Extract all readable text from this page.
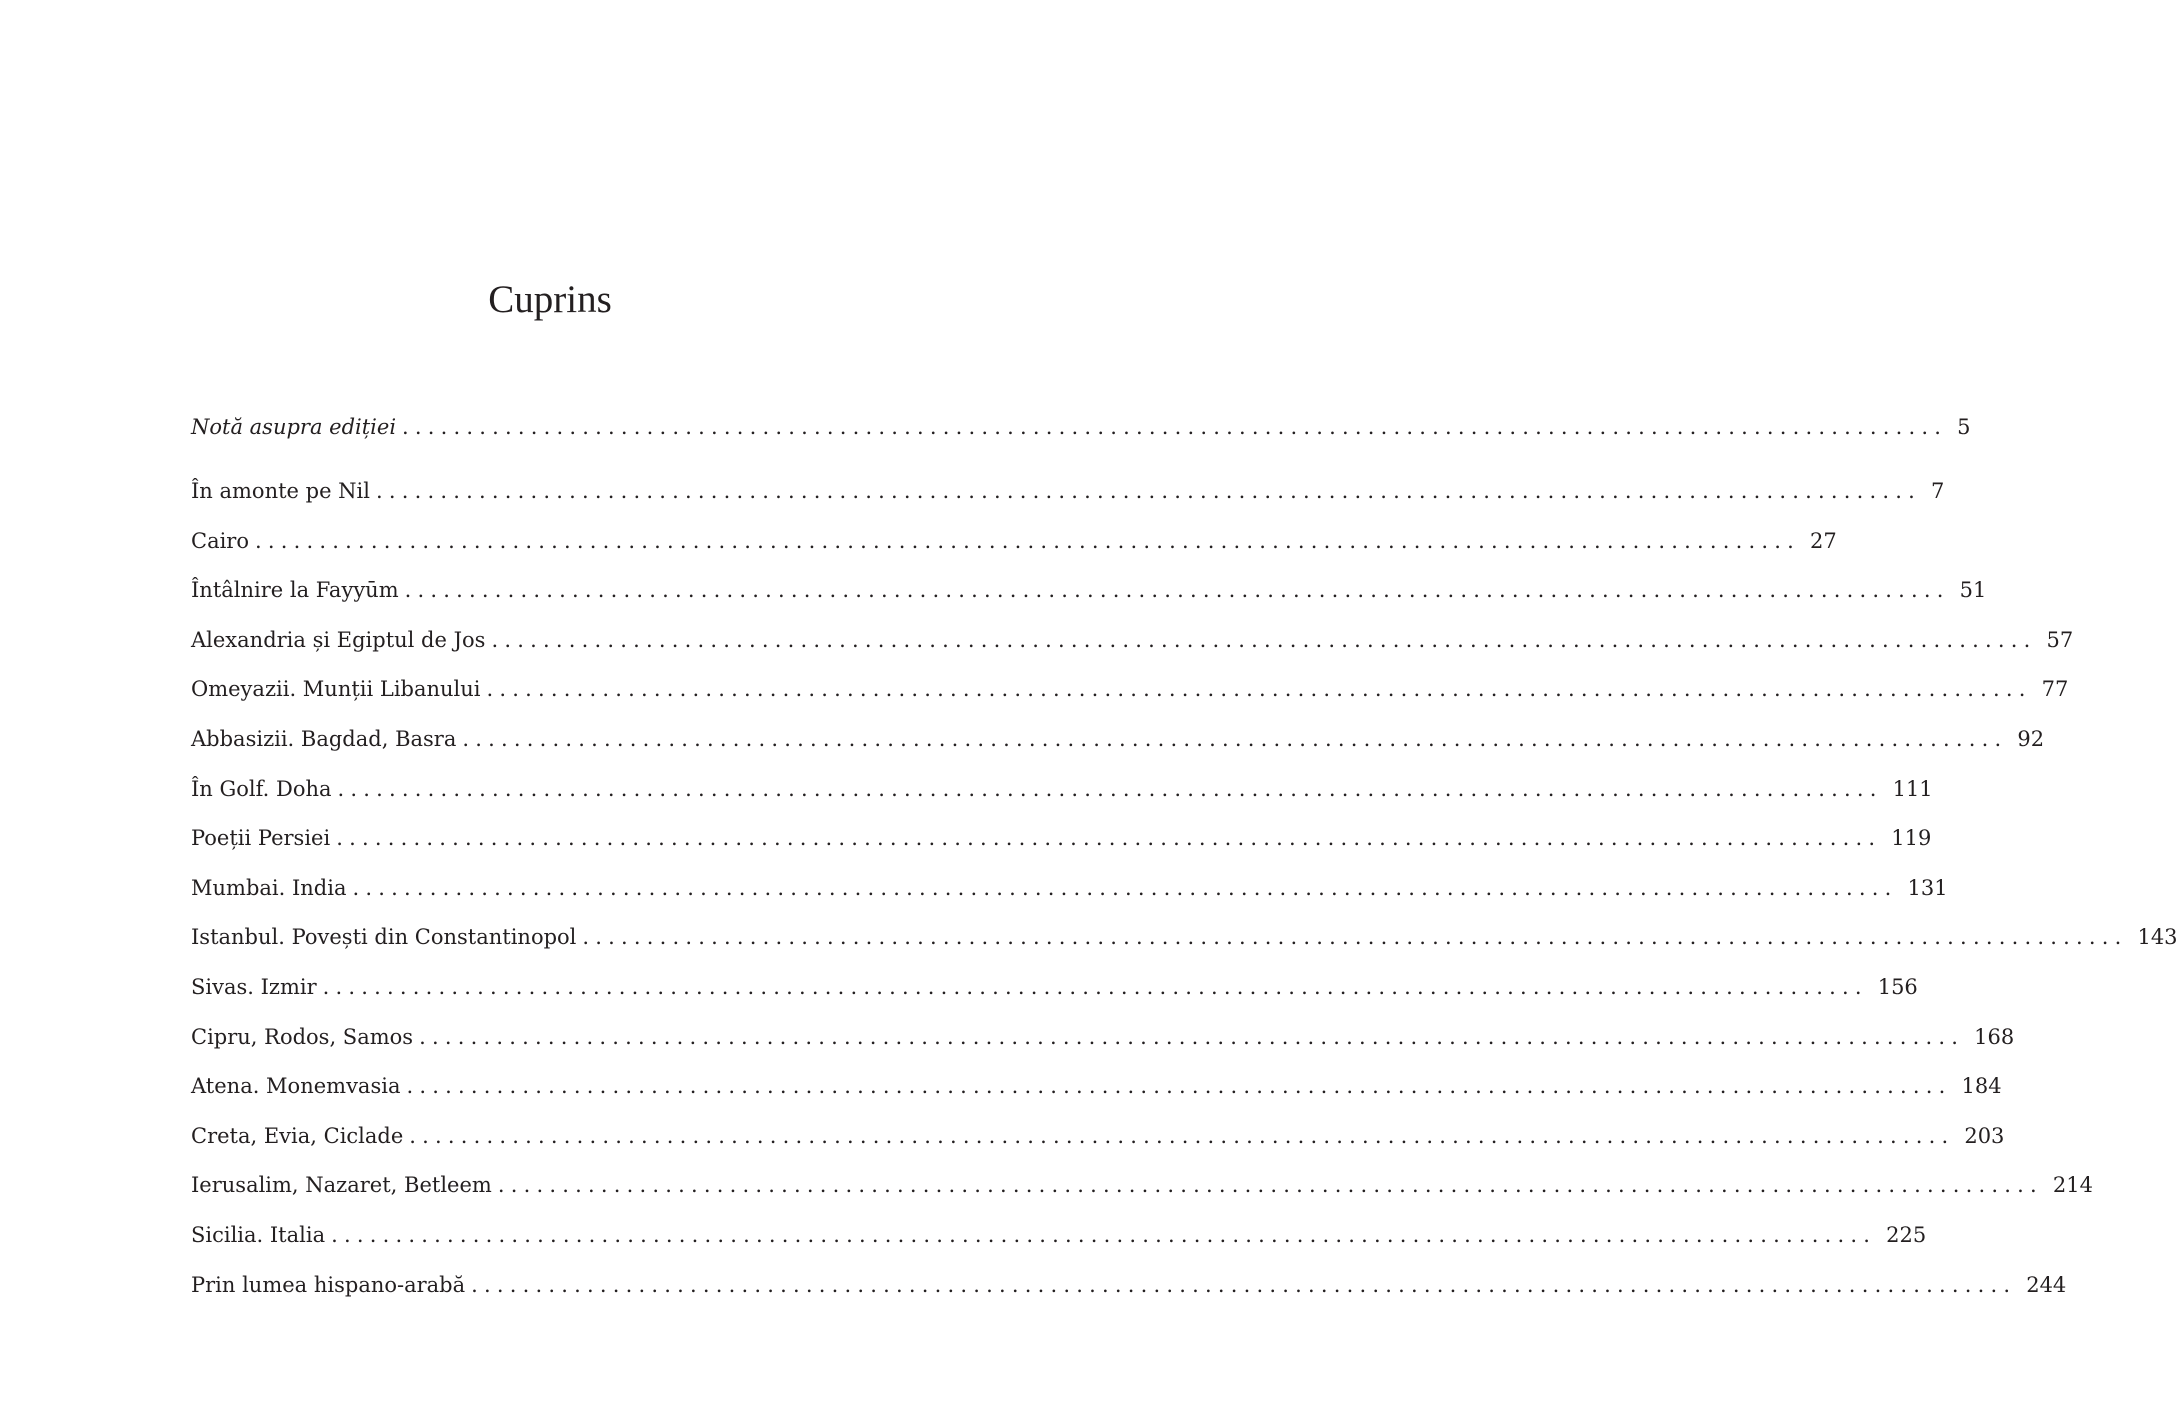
Cuprins
Notă asupra ediției ........................................................................................................................ 5
În amonte pe Nil ........................................................................................................................ 7
Cairo ........................................................................................................................ 27
Întâlnire la Fayyūm ........................................................................................................................ 51
Alexandria și Egiptul de Jos ........................................................................................................................ 57
Omeyazii. Munții Libanului ........................................................................................................................ 77
Abbasizii. Bagdad, Basra ........................................................................................................................ 92
În Golf. Doha ........................................................................................................................ 111
Poeții Persiei ........................................................................................................................ 119
Mumbai. India ........................................................................................................................ 131
Istanbul. Povești din Constantinopol ........................................................................................................................ 143
Sivas. Izmir ........................................................................................................................ 156
Cipru, Rodos, Samos ........................................................................................................................ 168
Atena. Monemvasia ........................................................................................................................ 184
Creta, Evia, Ciclade ........................................................................................................................ 203
Ierusalim, Nazaret, Betleem ........................................................................................................................ 214
Sicilia. Italia ........................................................................................................................ 225
Prin lumea hispano-arabă ........................................................................................................................ 244
